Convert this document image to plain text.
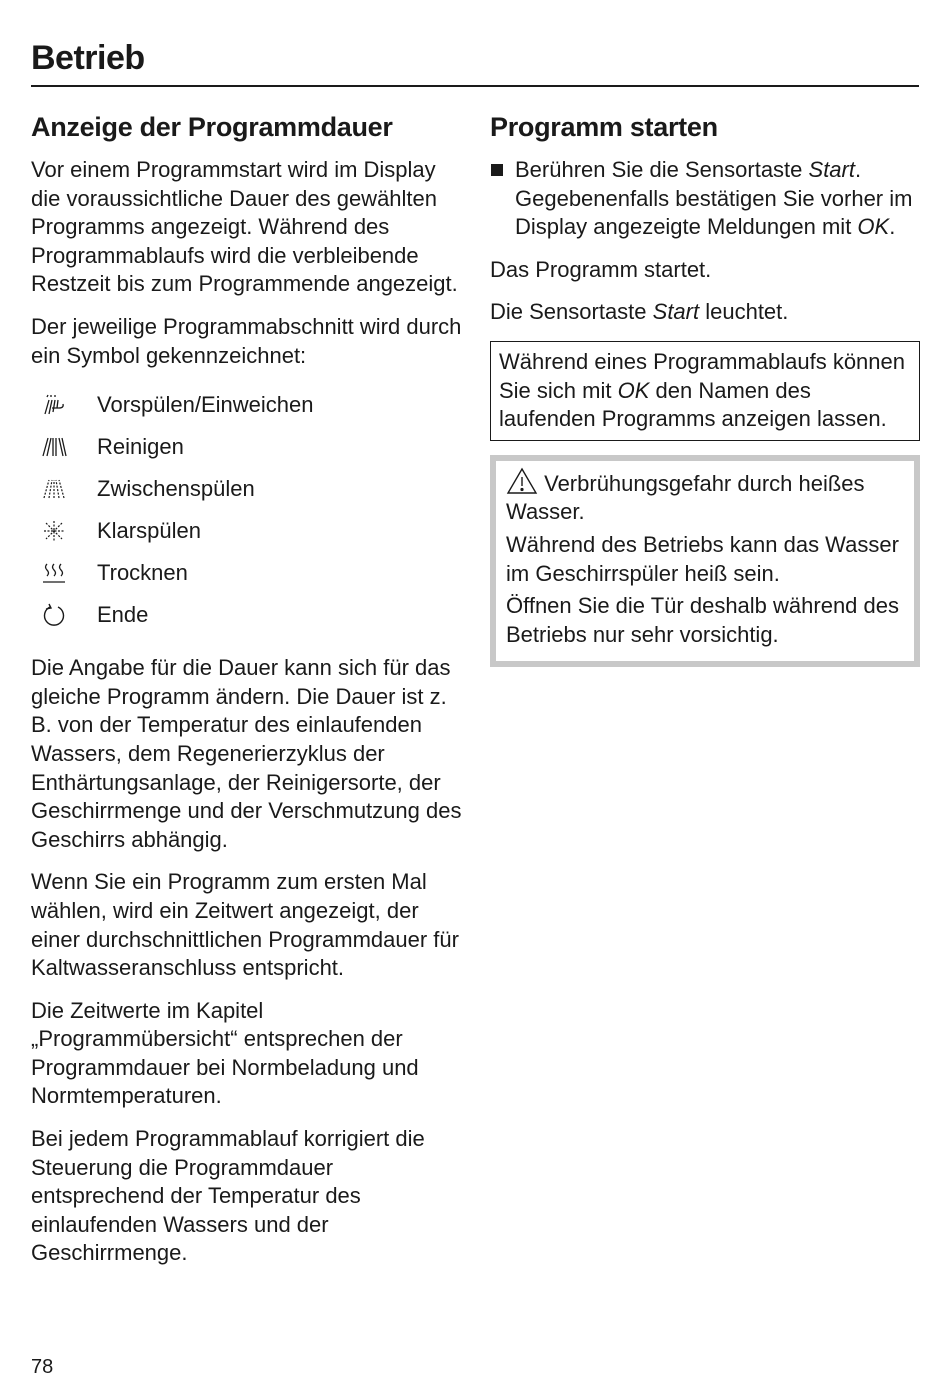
Betrieb
Anzeige der Programmdauer

Vor einem Programmstart wird im Display die voraussichtliche Dauer des gewählten Programms angezeigt. Während des Programmablaufs wird die verbleibende Restzeit bis zum Programmende angezeigt.

Der jeweilige Programmabschnitt wird durch ein Symbol gekennzeichnet:

Vorspülen/Einweichen
Reinigen
Zwischenspülen
Klarspülen
Trocknen
Ende

Die Angabe für die Dauer kann sich für das gleiche Programm ändern. Die Dauer ist z. B. von der Temperatur des einlaufenden Wassers, dem Regenerierzyklus der Enthärtungsanlage, der Reinigersorte, der Geschirrmenge und der Verschmutzung des Geschirrs abhängig.

Wenn Sie ein Programm zum ersten Mal wählen, wird ein Zeitwert angezeigt, der einer durchschnittlichen Programmdauer für Kaltwasseranschluss entspricht.

Die Zeitwerte im Kapitel „Programmübersicht“ entsprechen der Programmdauer bei Normbeladung und Normtemperaturen.

Bei jedem Programmablauf korrigiert die Steuerung die Programmdauer entsprechend der Temperatur des einlaufenden Wassers und der Geschirrmenge.

Programm starten
Berühren Sie die Sensortaste Start. Gegebenenfalls bestätigen Sie vorher im Display angezeigte Meldungen mit OK.

Das Programm startet.

Die Sensortaste Start leuchtet.

Während eines Programmablaufs können Sie sich mit OK den Namen des laufenden Programms anzeigen lassen.

Verbrühungsgefahr durch heißes Wasser.

Während des Betriebs kann das Wasser im Geschirrspüler heiß sein.

Öffnen Sie die Tür deshalb während des Betriebs nur sehr vorsichtig.

78
